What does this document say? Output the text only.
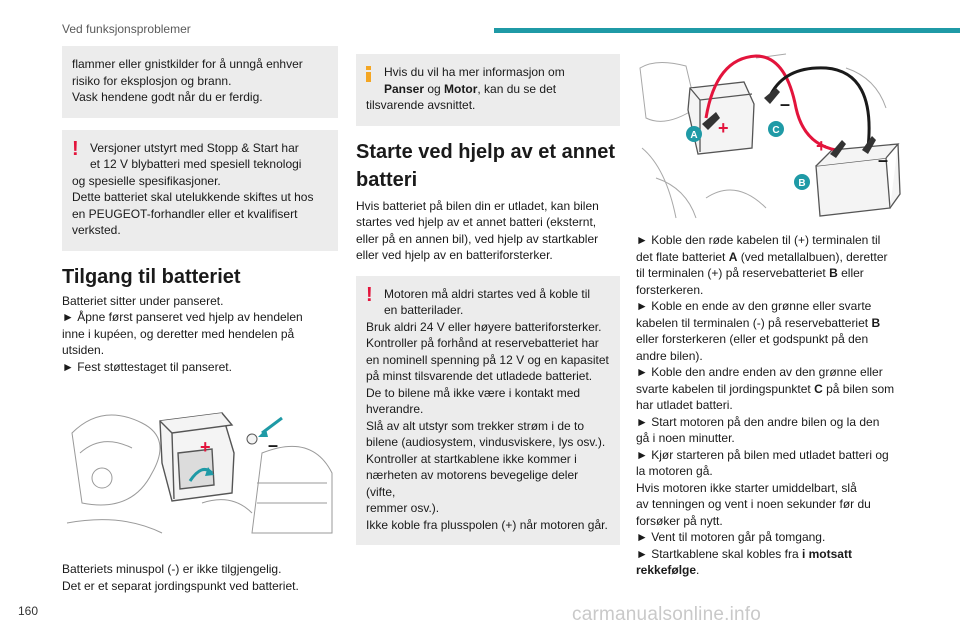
Ved funksjonsproblemer

flammer eller gnistkilder for å unngå enhver

risiko for eksplosjon og brann.

Vask hendene godt når du er ferdig.

! Versjoner utstyrt med Stopp & Start har

et 12 V blybatteri med spesiell teknologi

og spesielle spesifikasjoner.

Dette batteriet skal utelukkende skiftes ut hos

en PEUGEOT-forhandler eller et kvalifisert

verksted.

Tilgang til batteriet

Batteriet sitter under panseret.

► Åpne først panseret ved hjelp av hendelen

inne i kupéen, og deretter med hendelen på

utsiden.

► Fest støttestaget til panseret.

+	–

Batteriets minuspol (-) er ikke tilgjengelig.

Det er et separat jordingspunkt ved batteriet.

Hvis du vil ha mer informasjon om

Panser og Motor, kan du se det

tilsvarende avsnittet.

Starte ved hjelp av et annet

batteri

Hvis batteriet på bilen din er utladet, kan bilen

startes ved hjelp av et annet batteri (eksternt,

eller på en annen bil), ved hjelp av startkabler

eller ved hjelp av en batteriforsterker.

! Motoren må aldri startes ved å koble til

en batterilader.

Bruk aldri 24 V eller høyere batteriforsterker.

Kontroller på forhånd at reservebatteriet har

en nominell spenning på 12 V og en kapasitet

på minst tilsvarende det utladede batteriet.

De to bilene må ikke være i kontakt med

hverandre.

Slå av alt utstyr som trekker strøm i de to

bilene (audiosystem, vindusviskere, lys osv.).

Kontroller at startkablene ikke kommer i

nærheten av motorens bevegelige deler (vifte,

remmer osv.).

Ikke koble fra plusspolen (+) når motoren går.

+
–
+
–
A	C
B

► Koble den røde kabelen til (+) terminalen til

det flate batteriet A (ved metallalbuen), deretter

til terminalen (+) på reservebatteriet B eller

forsterkeren.

► Koble en ende av den grønne eller svarte

kabelen til terminalen (-) på reservebatteriet B

eller forsterkeren (eller et godspunkt på den

andre bilen).

► Koble den andre enden av den grønne eller

svarte kabelen til jordingspunktet C på bilen som

har utladet batteri.

► Start motoren på den andre bilen og la den

gå i noen minutter.

► Kjør starteren på bilen med utladet batteri og

la motoren gå.

Hvis motoren ikke starter umiddelbart, slå

av tenningen og vent i noen sekunder før du

forsøker på nytt.

► Vent til motoren går på tomgang.

► Startkablene skal kobles fra i motsatt

rekkefølge.

160	carmanualsonline.info
